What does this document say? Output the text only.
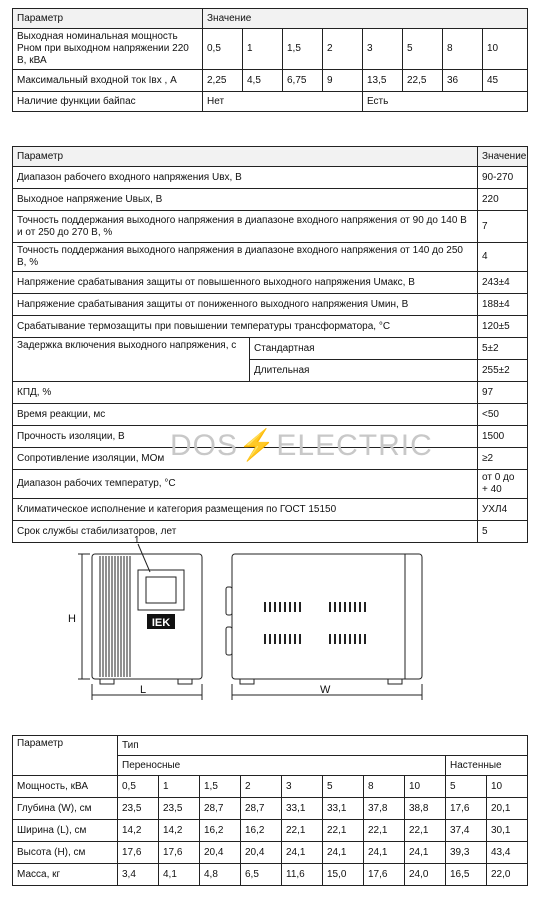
Параметр	Значение							
Выходная номинальная мощность Pном при выходном напряжении 220 В, кВА	0,5	1	1,5	2	3	5	8	10
Максимальный входной ток Iвх , А	2,25	4,5	6,75	9	13,5	22,5	36	45
Наличие функции байпас	Нет				Есть			
Параметр		Значение
Диапазон рабочего входного напряжения Uвх, В		90-270
Выходное напряжение Uвых, В		220
Точность поддержания выходного напряжения в диапазоне входного напряжения от 90 до 140 В и от 250 до 270 В, %		7
Точность поддержания выходного напряжения в диапазоне входного напряжения от 140 до 250 В, %		4
Напряжение срабатывания защиты от повышенного выходного напряжения Uмакс, В		243±4
Напряжение срабатывания защиты от пониженного выходного напряжения Uмин, В		188±4
Срабатывание термозащиты при повышении температуры трансформатора, °C		120±5
Задержка включения выходного напряжения, с	Стандартная	5±2
	Длительная	255±2
КПД, %		97
Время реакции, мс		<50
Прочность изоляции, В		1500
Сопротивление изоляции, МОм		≥2
Диапазон рабочих температур, °C		от 0 до + 40
Климатическое исполнение и категория размещения по ГОСТ 15150		УХЛ4
Срок службы стабилизаторов, лет		5
DOS⚡ELECTRIC
IEK
1
H
L	W
Параметр	Тип									
	Переносные								Настенные	
Мощность, кВА	0,5	1	1,5	2	3	5	8	10	5	10
Глубина (W), см	23,5	23,5	28,7	28,7	33,1	33,1	37,8	38,8	17,6	20,1
Ширина (L), см	14,2	14,2	16,2	16,2	22,1	22,1	22,1	22,1	37,4	30,1
Высота (H), см	17,6	17,6	20,4	20,4	24,1	24,1	24,1	24,1	39,3	43,4
Масса, кг	3,4	4,1	4,8	6,5	11,6	15,0	17,6	24,0	16,5	22,0
